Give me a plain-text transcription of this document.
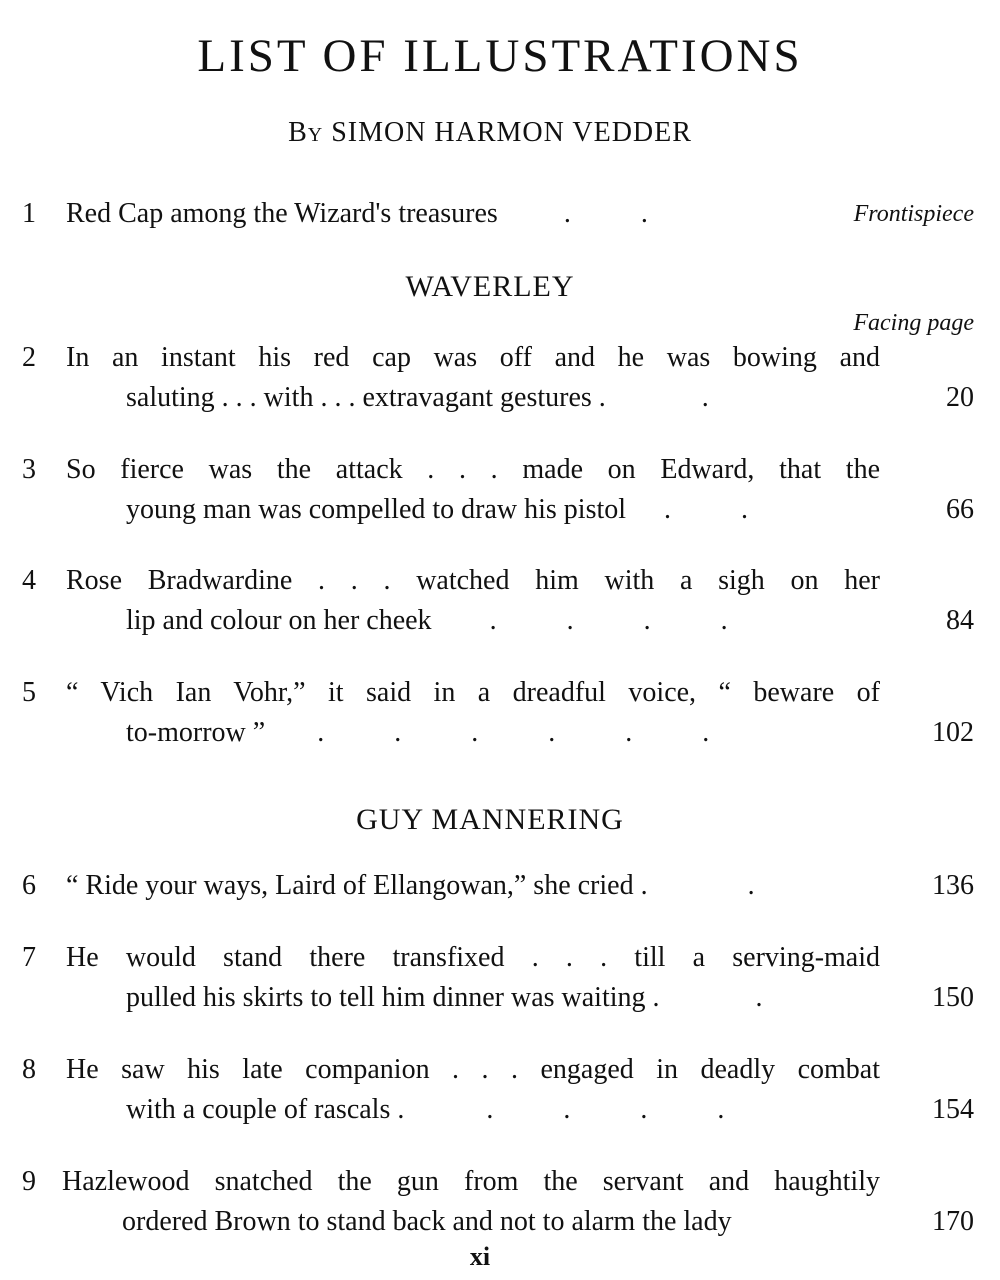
LIST OF ILLUSTRATIONS
By SIMON HARMON VEDDER
1 Red Cap among the Wizard's treasures .          .	Frontispiece
WAVERLEY
Facing page
2 In an instant his red cap was off and he was bowing and
saluting . . . with . . . extravagant gestures .	.	20
3 So fierce was the attack . . . made on Edward, that the
young man was compelled to draw his pistol .          .	66
4 Rose Bradwardine . . . watched him with a sigh on her
lip and colour on her cheek .          .          .          .	84
5 “ Vich Ian Vohr,” it said in a dreadful voice, “ beware of
to-morrow ” .          .          .          .          .          .	102
GUY MANNERING
6 “ Ride your ways, Laird of Ellangowan,” she cried .	.	136
7 He would stand there transfixed . . . till a serving-maid
pulled his skirts to tell him dinner was waiting .	.	150
8 He saw his late companion . . . engaged in deadly combat
with a couple of rascals .	.          .          .          .	154
9 Hazlewood snatched the gun from the servant and haughtily
ordered Brown to stand back and not to alarm the lady	170
xi
